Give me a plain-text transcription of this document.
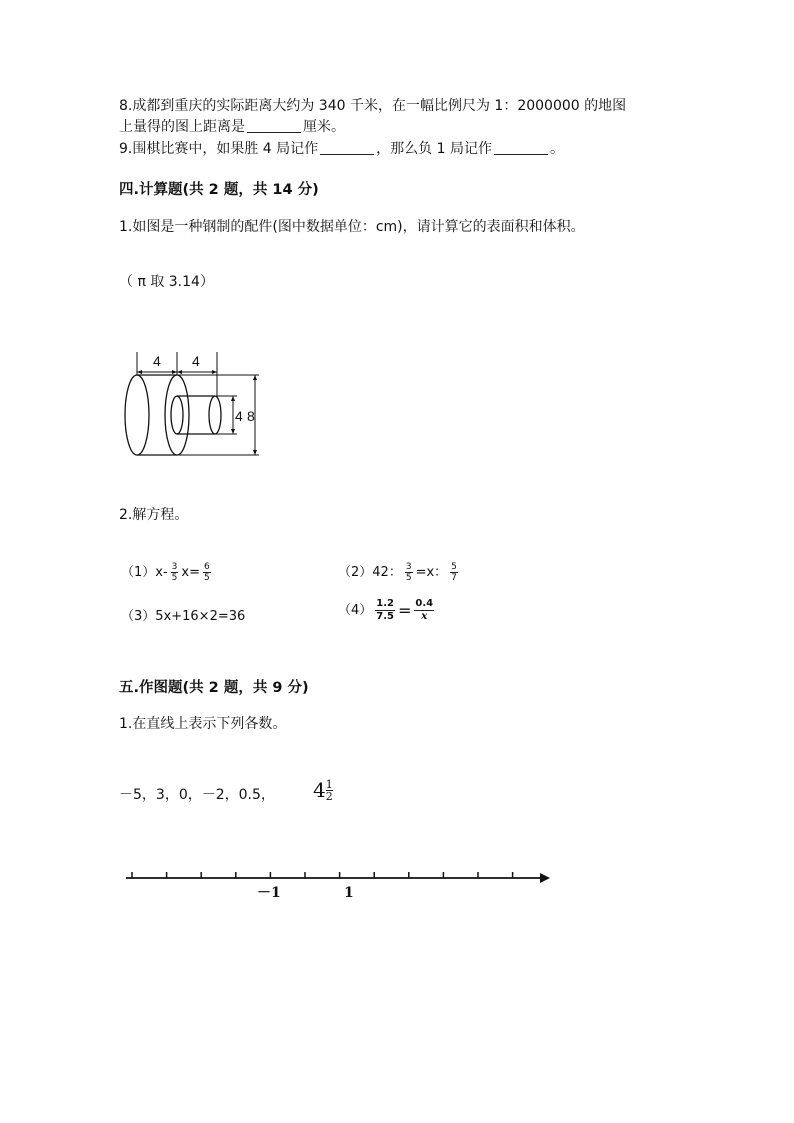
8.成都到重庆的实际距离大约为 340 千米，在一幅比例尺为 1：2000000 的地图
上量得的图上距离是	厘米。
9.围棋比赛中，如果胜 4 局记作	，那么负 1 局记作	。
四.计算题(共 2 题，共 14 分)
1.如图是一种钢制的配件(图中数据单位：cm)，请计算它的表面积和体积。
（ π 取 3.14）
4 4
4 8
2.解方程。
$(1)x- \frac{3}{5} x= \frac{6}{5}$	（2）42： $\frac{3}{5} =x$： $\frac{5}{7}$
（3）5x+16×2=36	$(4) \frac{1.2}{7.5} = \frac{0.4}{x}$
五.作图题(共 2 题，共 9 分)
1.在直线上表示下列各数。
－5，3，0，－2，0.5， $4 \frac{1}{2}$
－1	1
